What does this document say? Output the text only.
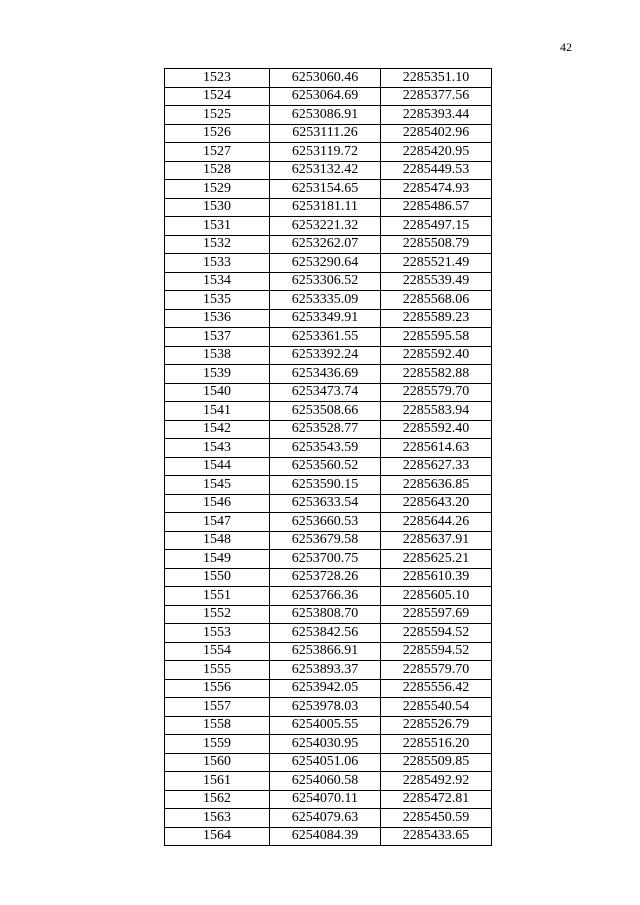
42
1523	6253060.46	2285351.10
1524	6253064.69	2285377.56
1525	6253086.91	2285393.44
1526	6253111.26	2285402.96
1527	6253119.72	2285420.95
1528	6253132.42	2285449.53
1529	6253154.65	2285474.93
1530	6253181.11	2285486.57
1531	6253221.32	2285497.15
1532	6253262.07	2285508.79
1533	6253290.64	2285521.49
1534	6253306.52	2285539.49
1535	6253335.09	2285568.06
1536	6253349.91	2285589.23
1537	6253361.55	2285595.58
1538	6253392.24	2285592.40
1539	6253436.69	2285582.88
1540	6253473.74	2285579.70
1541	6253508.66	2285583.94
1542	6253528.77	2285592.40
1543	6253543.59	2285614.63
1544	6253560.52	2285627.33
1545	6253590.15	2285636.85
1546	6253633.54	2285643.20
1547	6253660.53	2285644.26
1548	6253679.58	2285637.91
1549	6253700.75	2285625.21
1550	6253728.26	2285610.39
1551	6253766.36	2285605.10
1552	6253808.70	2285597.69
1553	6253842.56	2285594.52
1554	6253866.91	2285594.52
1555	6253893.37	2285579.70
1556	6253942.05	2285556.42
1557	6253978.03	2285540.54
1558	6254005.55	2285526.79
1559	6254030.95	2285516.20
1560	6254051.06	2285509.85
1561	6254060.58	2285492.92
1562	6254070.11	2285472.81
1563	6254079.63	2285450.59
1564	6254084.39	2285433.65
